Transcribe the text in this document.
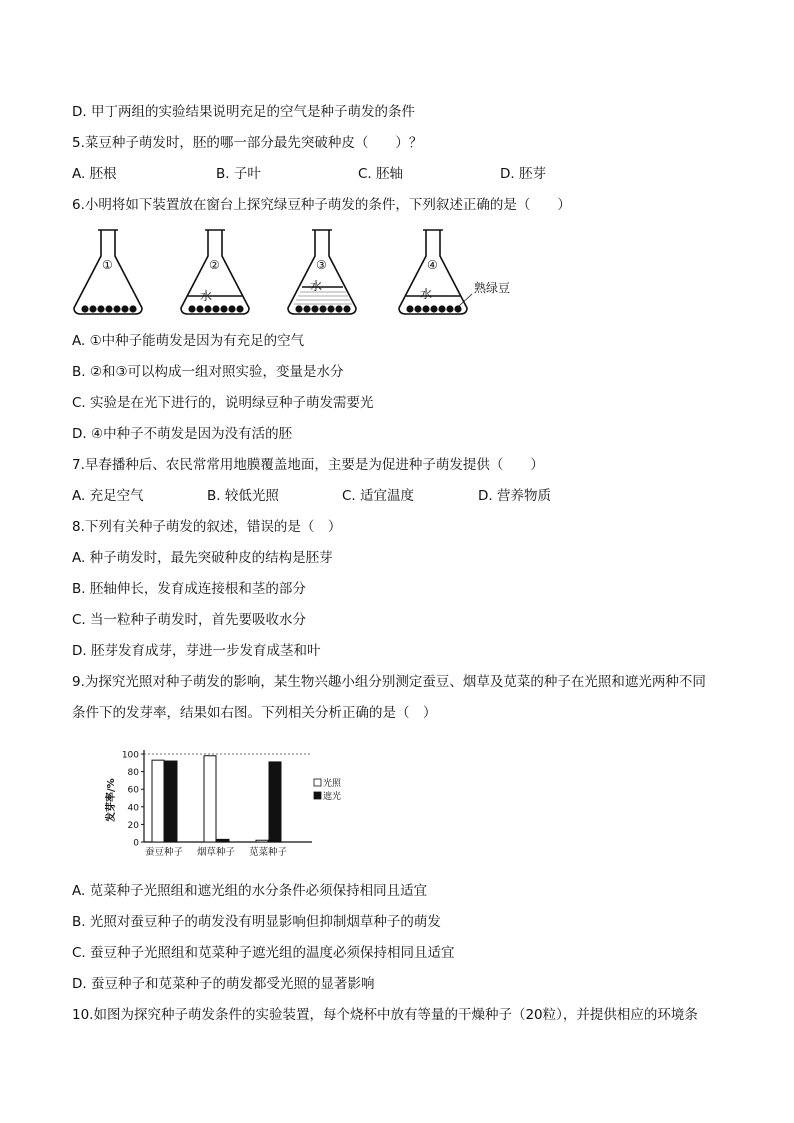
D. 甲丁两组的实验结果说明充足的空气是种子萌发的条件
5.菜豆种子萌发时，胚的哪一部分最先突破种皮（　　）？
A. 胚根	B. 子叶	C. 胚轴	D. 胚芽
6.小明将如下装置放在窗台上探究绿豆种子萌发的条件，下列叙述正确的是（　　）
①	②	③	④
水
水
水	熟绿豆
A. ①中种子能萌发是因为有充足的空气
B. ②和③可以构成一组对照实验，变量是水分
C. 实验是在光下进行的，说明绿豆种子萌发需要光
D. ④中种子不萌发是因为没有活的胚
7.早春播种后、农民常常用地膜覆盖地面，主要是为促进种子萌发提供（　　）
A. 充足空气	B. 较低光照	C. 适宜温度	D. 营养物质
8.下列有关种子萌发的叙述，错误的是（　）
A. 种子萌发时，最先突破种皮的结构是胚芽
B. 胚轴伸长，发育成连接根和茎的部分
C. 当一粒种子萌发时，首先要吸收水分
D. 胚芽发育成芽，芽进一步发育成茎和叶
9.为探究光照对种子萌发的影响，某生物兴趣小组分别测定蚕豆、烟草及苋菜的种子在光照和遮光两种不同
条件下的发芽率，结果如右图。下列相关分析正确的是（　）
发芽率/%
100
80
60
40
20
0
蚕豆种子 烟草种子 苋菜种子
光照
遮光
A. 苋菜种子光照组和遮光组的水分条件必须保持相同且适宜
B. 光照对蚕豆种子的萌发没有明显影响但抑制烟草种子的萌发
C. 蚕豆种子光照组和苋菜种子遮光组的温度必须保持相同且适宜
D. 蚕豆种子和苋菜种子的萌发都受光照的显著影响
10.如图为探究种子萌发条件的实验装置，每个烧杯中放有等量的干燥种子（20粒），并提供相应的环境条
